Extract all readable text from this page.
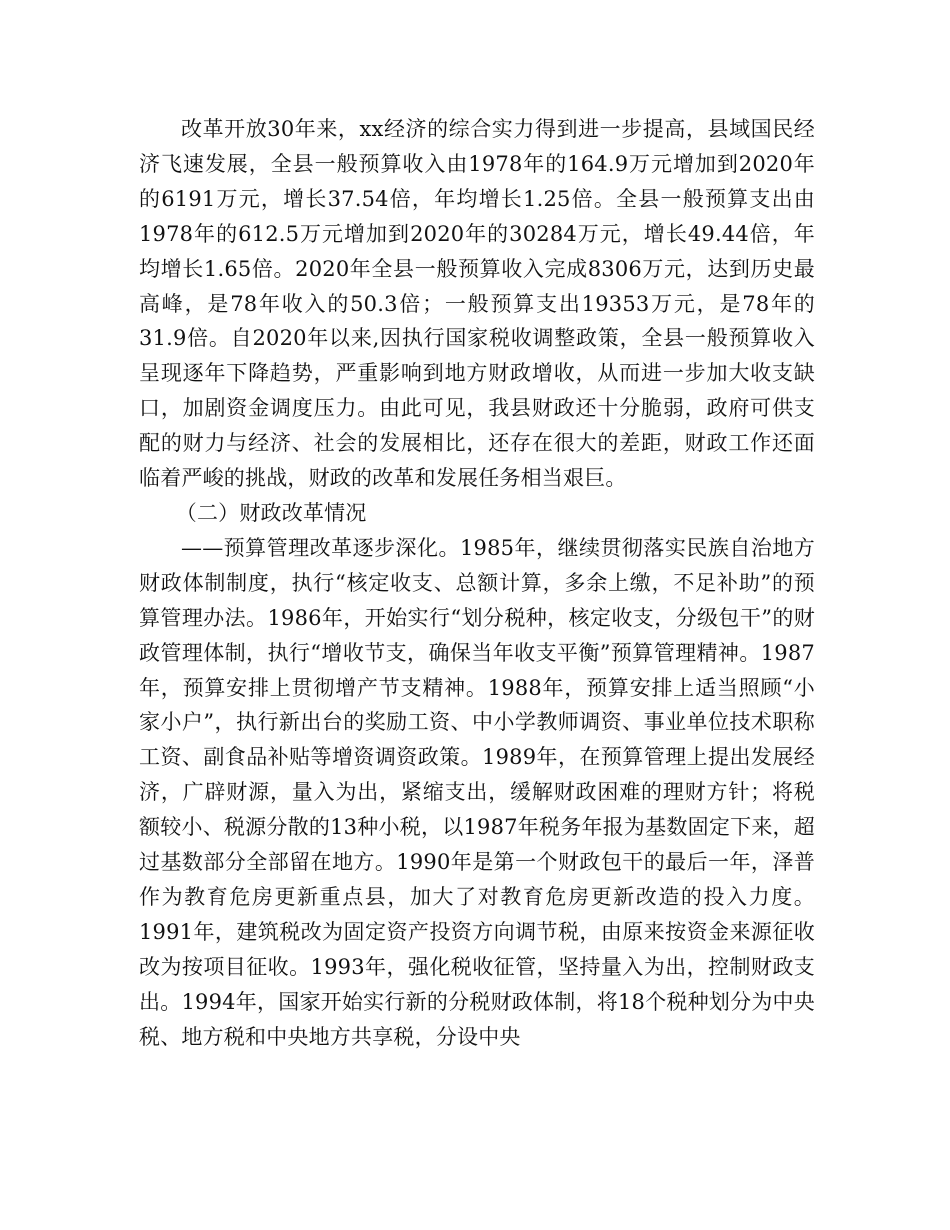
改革开放30年来，xx经济的综合实力得到进一步提高，县域国民经济飞速发展，全县一般预算收入由1978年的164.9万元增加到2020年的6191万元，增长37.54倍，年均增长1.25倍。全县一般预算支出由1978年的612.5万元增加到2020年的30284万元，增长49.44倍，年均增长1.65倍。2020年全县一般预算收入完成8306万元，达到历史最高峰，是78年收入的50.3倍；一般预算支出19353万元，是78年的31.9倍。自2020年以来,因执行国家税收调整政策，全县一般预算收入呈现逐年下降趋势，严重影响到地方财政增收，从而进一步加大收支缺口，加剧资金调度压力。由此可见，我县财政还十分脆弱，政府可供支配的财力与经济、社会的发展相比，还存在很大的差距，财政工作还面临着严峻的挑战，财政的改革和发展任务相当艰巨。

（二）财政改革情况

——预算管理改革逐步深化。1985年，继续贯彻落实民族自治地方财政体制制度，执行“核定收支、总额计算，多余上缴，不足补助”的预算管理办法。1986年，开始实行“划分税种，核定收支，分级包干”的财政管理体制，执行“增收节支，确保当年收支平衡”预算管理精神。1987年，预算安排上贯彻增产节支精神。1988年，预算安排上适当照顾“小家小户”，执行新出台的奖励工资、中小学教师调资、事业单位技术职称工资、副食品补贴等增资调资政策。1989年，在预算管理上提出发展经济，广辟财源，量入为出，紧缩支出，缓解财政困难的理财方针；将税额较小、税源分散的13种小税，以1987年税务年报为基数固定下来，超过基数部分全部留在地方。1990年是第一个财政包干的最后一年，泽普作为教育危房更新重点县，加大了对教育危房更新改造的投入力度。1991年，建筑税改为固定资产投资方向调节税，由原来按资金来源征收改为按项目征收。1993年，强化税收征管，坚持量入为出，控制财政支出。1994年，国家开始实行新的分税财政体制，将18个税种划分为中央税、地方税和中央地方共享税，分设中央
